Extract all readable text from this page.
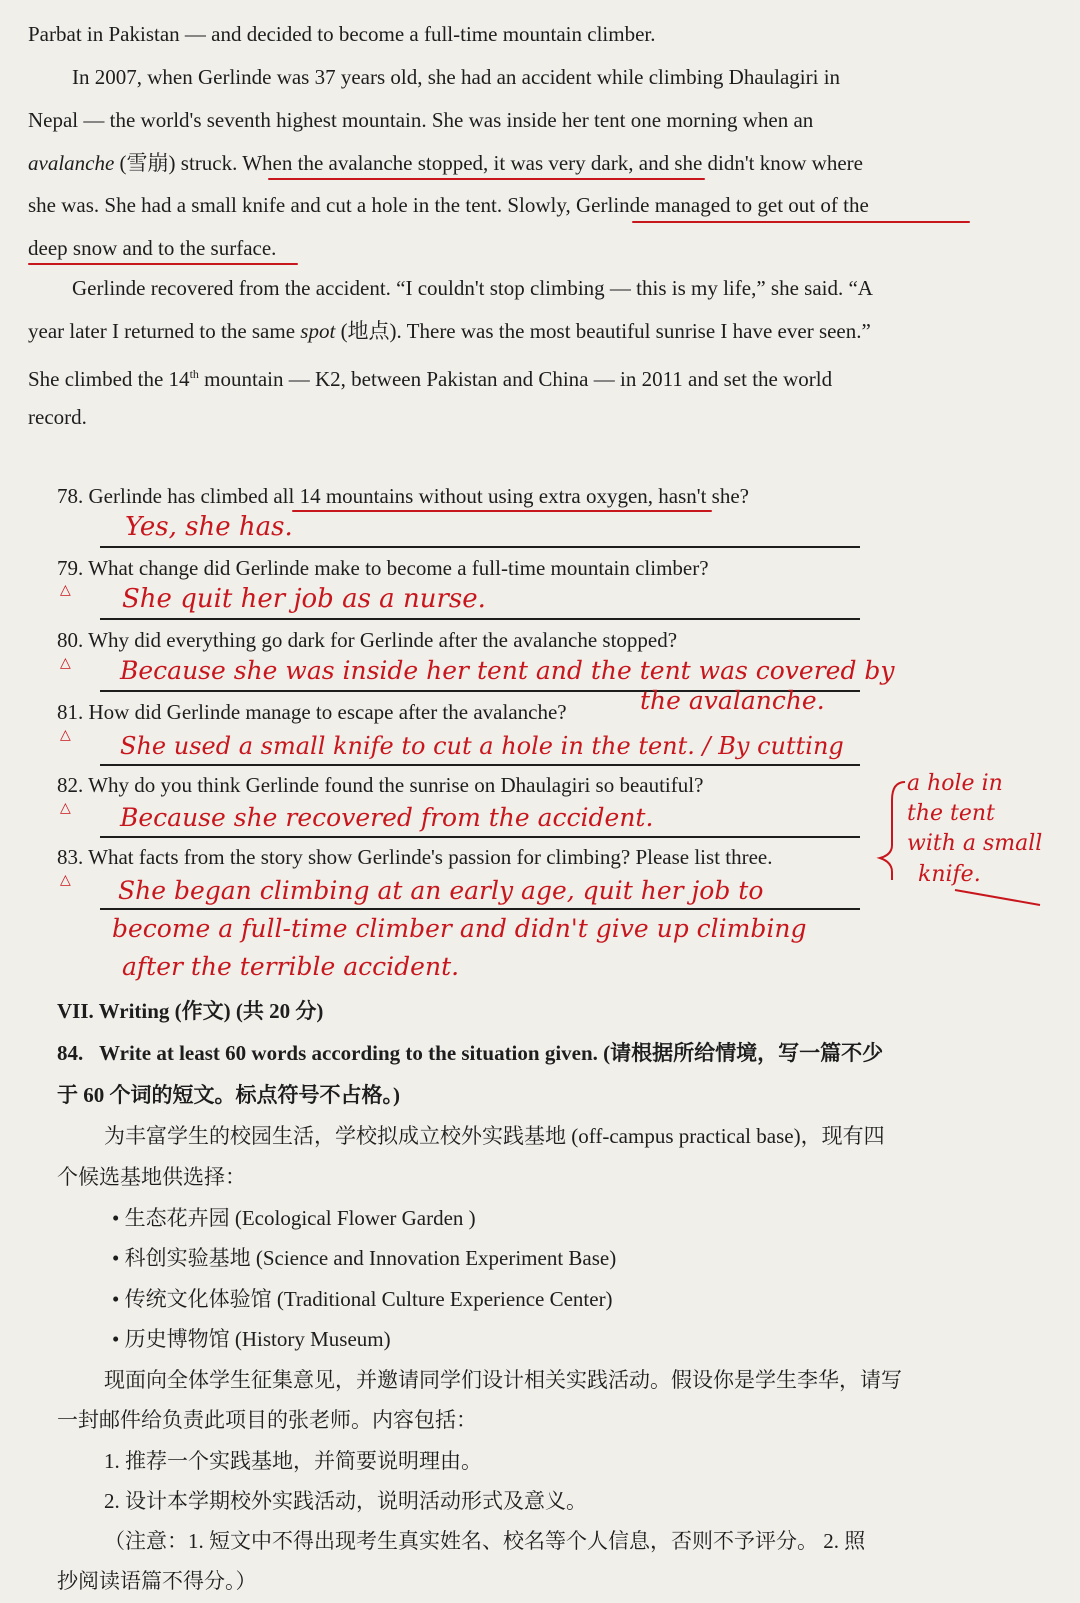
Parbat in Pakistan — and decided to become a full-time mountain climber.

In 2007, when Gerlinde was 37 years old, she had an accident while climbing Dhaulagiri in

Nepal — the world's seventh highest mountain. She was inside her tent one morning when an

avalanche (雪崩) struck. When the avalanche stopped, it was very dark, and she didn't know where

she was. She had a small knife and cut a hole in the tent. Slowly, Gerlinde managed to get out of the

deep snow and to the surface.

Gerlinde recovered from the accident. “I couldn't stop climbing — this is my life,” she said. “A

year later I returned to the same spot (地点). There was the most beautiful sunrise I have ever seen.”

She climbed the 14th mountain — K2, between Pakistan and China — in 2011 and set the world

record.

78. Gerlinde has climbed all 14 mountains without using extra oxygen, hasn't she?

Yes, she has.

79. What change did Gerlinde make to become a full-time mountain climber?

△ She quit her job as a nurse.

80. Why did everything go dark for Gerlinde after the avalanche stopped?

△ Because she was inside her tent and the tent was covered by
the avalanche.

81. How did Gerlinde manage to escape after the avalanche?

△ She used a small knife to cut a hole in the tent. / By cutting
a hole in
the tent
with a small
knife.

82. Why do you think Gerlinde found the sunrise on Dhaulagiri so beautiful?

△ Because she recovered from the accident.

83. What facts from the story show Gerlinde's passion for climbing? Please list three.

△ She began climbing at an early age, quit her job to
become a full-time climber and didn't give up climbing
after the terrible accident.

VII. Writing (作文) (共 20 分)

84. Write at least 60 words according to the situation given. (请根据所给情境，写一篇不少

于 60 个词的短文。标点符号不占格。)

为丰富学生的校园生活，学校拟成立校外实践基地 (off-campus practical base)，现有四

个候选基地供选择：

• 生态花卉园 (Ecological Flower Garden )

• 科创实验基地 (Science and Innovation Experiment Base)

• 传统文化体验馆 (Traditional Culture Experience Center)

• 历史博物馆 (History Museum)

现面向全体学生征集意见，并邀请同学们设计相关实践活动。假设你是学生李华，请写

一封邮件给负责此项目的张老师。内容包括：

1. 推荐一个实践基地，并简要说明理由。

2. 设计本学期校外实践活动，说明活动形式及意义。

（注意：1. 短文中不得出现考生真实姓名、校名等个人信息，否则不予评分。 2. 照

抄阅读语篇不得分。）
